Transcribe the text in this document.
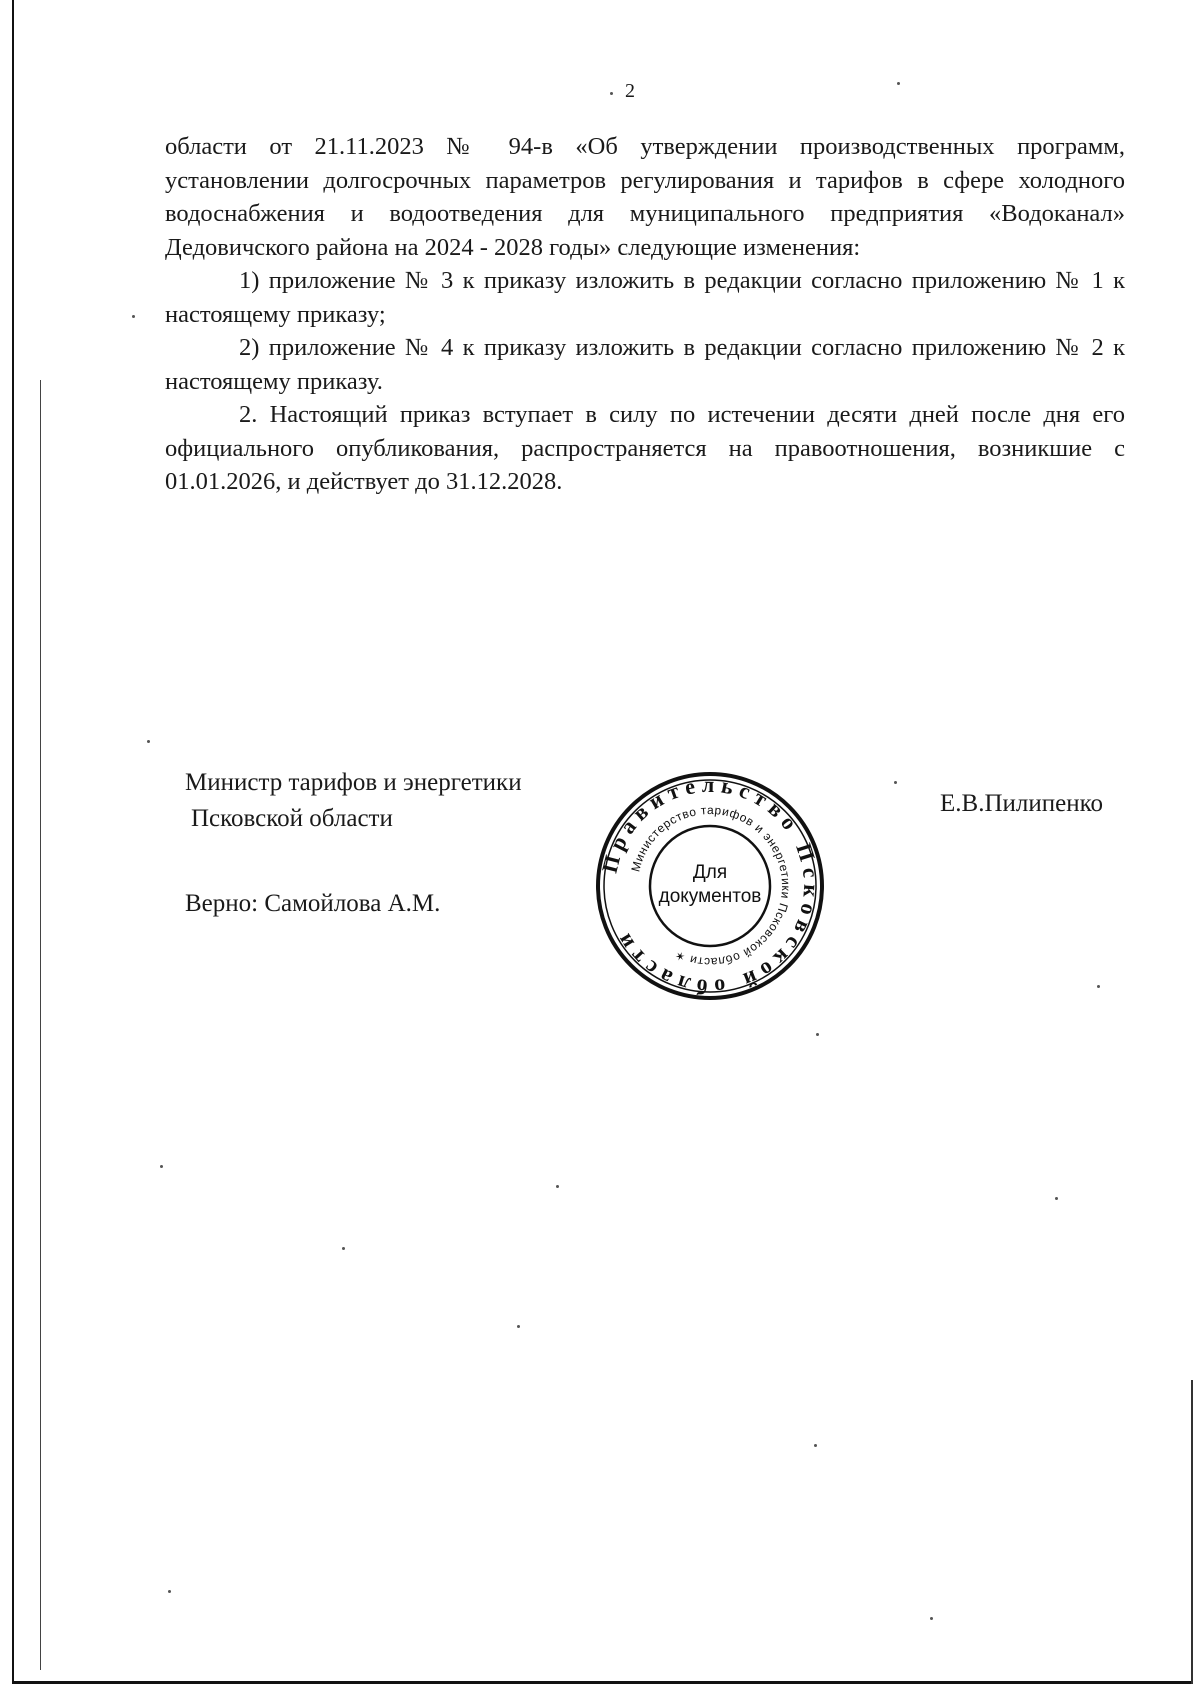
2

области от 21.11.2023 № 94-в «Об утверждении производственных программ, установлении долгосрочных параметров регулирования и тарифов в сфере холодного водоснабжения и водоотведения для муниципального предприятия «Водоканал» Дедовичского района на 2024 - 2028 годы» следующие изменения:

1) приложение № 3 к приказу изложить в редакции согласно приложению № 1 к настоящему приказу;

2) приложение № 4 к приказу изложить в редакции согласно приложению № 2 к настоящему приказу.

2. Настоящий приказ вступает в силу по истечении десяти дней после дня его официального опубликования, распространяется на правоотношения, возникшие с 01.01.2026, и действует до 31.12.2028.

Министр тарифов и энергетики
Псковской области
Е.В.Пилипенко
Верно: Самойлова А.М.
Правительство Псковской области
Министерство тарифов и энергетики Псковской области ✶
Для
документов
